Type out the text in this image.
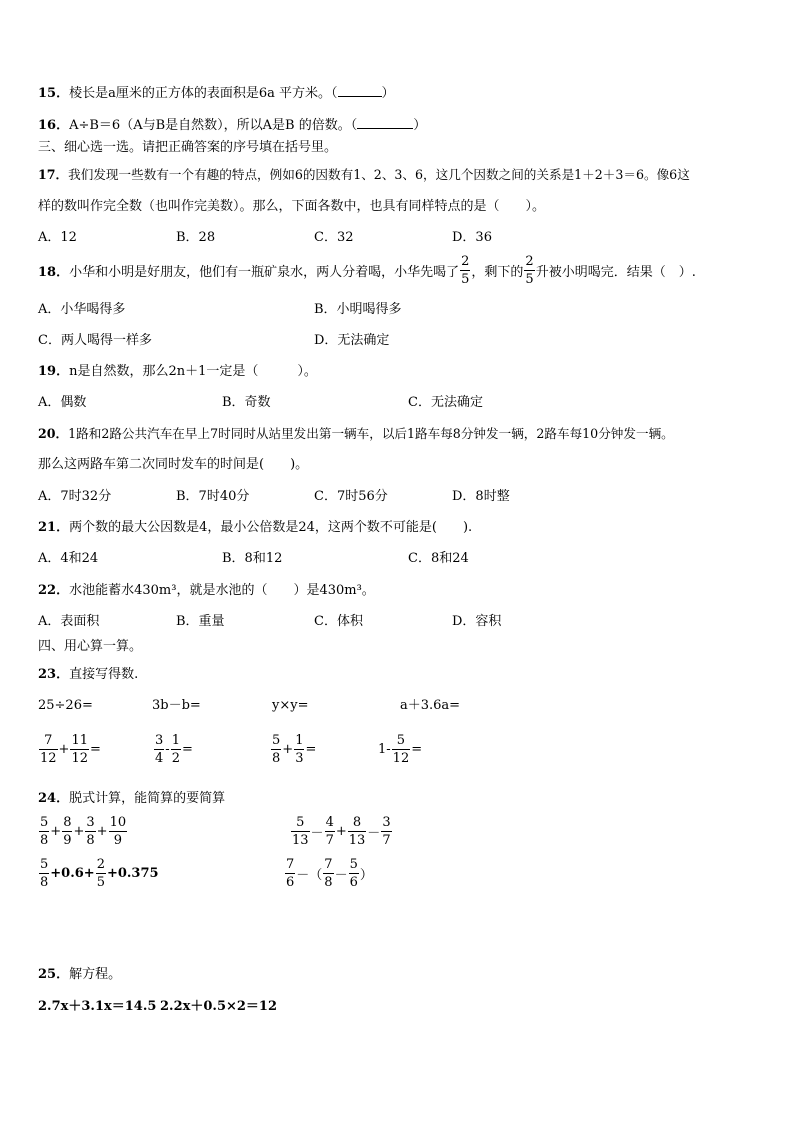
15．棱长是a厘米的正方体的表面积是6a 平方米。（	）
16．A÷B＝6（A与B是自然数），所以A是B 的倍数。（	）
三、细心选一选。请把正确答案的序号填在括号里。
17．我们发现一些数有一个有趣的特点，例如6的因数有1、2、3、6，这几个因数之间的关系是1＋2＋3＝6。像6这
样的数叫作完全数（也叫作完美数）。那么，下面各数中，也具有同样特点的是（　　）。
A．12	B．28	C．32	D．36
18． 小华和小明是好朋友，他们有一瓶矿泉水，两人分着喝，小华先喝了 $\frac{2}{5}$ ，剩下的 $\frac{2}{5}$ 升被小明喝完．结果（　）.
A．小华喝得多	B．小明喝得多
C．两人喝得一样多	D．无法确定
19．n是自然数，那么2n＋1一定是（　　　）。
A．偶数	B．奇数	C．无法确定
20．1路和2路公共汽车在早上7时同时从站里发出第一辆车，以后1路车每8分钟发一辆，2路车每10分钟发一辆。
那么这两路车第二次同时发车的时间是(　　)。
A．7时32分	B．7时40分	C．7时56分	D．8时整
21．两个数的最大公因数是4，最小公倍数是24，这两个数不可能是(　　).
A．4和24	B．8和12	C．8和24
22．水池能蓄水430m³，就是水池的（　　）是430m³。
A．表面积	B．重量	C．体积	D．容积
四、用心算一算。
23．直接写得数.
25÷26=	3b－b=	y×y=	a＋3.6a=
$\frac{7}{12} + \frac{11}{12}$ =	$\frac{3}{4} - \frac{1}{2}$ =	$\frac{5}{8} + \frac{1}{3}$ =	$1- \frac{5}{12}$ =
24．脱式计算，能简算的要简算
$\frac{5}{8} + \frac{8}{9} + \frac{3}{8} + \frac{10}{9}$	$\frac{5}{13} - \frac{4}{7} + \frac{8}{13} - \frac{3}{7}$
$\frac{5}{8} +0.6+ \frac{2}{5} +0.375$	$\frac{7}{6}$ －（ $\frac{7}{8} - \frac{5}{6}$ ）
25．解方程。
2.7x＋3.1x＝14.5 2.2x＋0.5×2＝12
